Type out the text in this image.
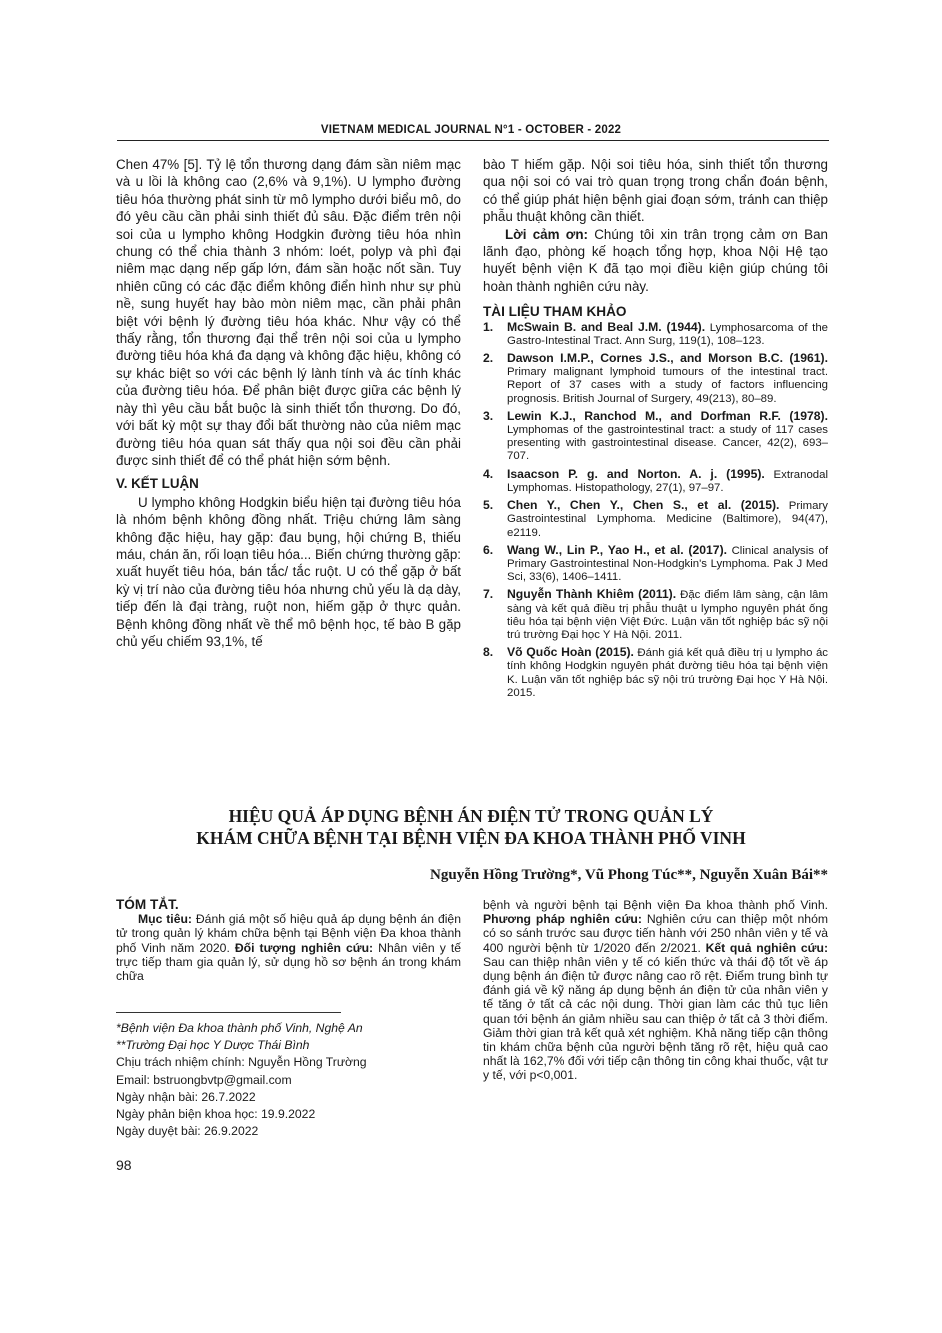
VIETNAM MEDICAL JOURNAL N°1 - OCTOBER - 2022

Chen 47% [5]. Tỷ lệ tổn thương dạng đám sần niêm mạc và u lồi là không cao (2,6% và 9,1%). U lympho đường tiêu hóa thường phát sinh từ mô lympho dưới biểu mô, do đó yêu cầu cần phải sinh thiết đủ sâu. Đặc điểm trên nội soi của u lympho không Hodgkin đường tiêu hóa nhìn chung có thể chia thành 3 nhóm: loét, polyp và phì đại niêm mạc dạng nếp gấp lớn, đám sần hoặc nốt sần. Tuy nhiên cũng có các đặc điểm không điển hình như sự phù nề, sung huyết hay bào mòn niêm mạc, cần phải phân biệt với bệnh lý đường tiêu hóa khác. Như vậy có thể thấy rằng, tổn thương đại thể trên nội soi của u lympho đường tiêu hóa khá đa dạng và không đặc hiệu, không có sự khác biệt so với các bệnh lý lành tính và ác tính khác của đường tiêu hóa. Để phân biệt được giữa các bệnh lý này thì yêu cầu bắt buộc là sinh thiết tổn thương. Do đó, với bất kỳ một sự thay đổi bất thường nào của niêm mạc đường tiêu hóa quan sát thấy qua nội soi đều cần phải được sinh thiết để có thể phát hiện sớm bệnh.

V. KẾT LUẬN

U lympho không Hodgkin biểu hiện tại đường tiêu hóa là nhóm bệnh không đồng nhất. Triệu chứng lâm sàng không đặc hiệu, hay gặp: đau bụng, hội chứng B, thiếu máu, chán ăn, rối loạn tiêu hóa... Biến chứng thường gặp: xuất huyết tiêu hóa, bán tắc/ tắc ruột. U có thể gặp ở bất kỳ vị trí nào của đường tiêu hóa nhưng chủ yếu là dạ dày, tiếp đến là đại tràng, ruột non, hiếm gặp ở thực quản. Bệnh không đồng nhất về thể mô bệnh học, tế bào B gặp chủ yếu chiếm 93,1%, tế

bào T hiếm gặp. Nội soi tiêu hóa, sinh thiết tổn thương qua nội soi có vai trò quan trọng trong chẩn đoán bệnh, có thể giúp phát hiện bệnh giai đoạn sớm, tránh can thiệp phẫu thuật không cần thiết.

Lời cảm ơn: Chúng tôi xin trân trọng cảm ơn Ban lãnh đạo, phòng kế hoạch tổng hợp, khoa Nội Hệ tạo huyết bệnh viện K đã tạo mọi điều kiện giúp chúng tôi hoàn thành nghiên cứu này.

TÀI LIỆU THAM KHẢO
1. McSwain B. and Beal J.M. (1944). Lymphosarcoma of the Gastro-Intestinal Tract. Ann Surg, 119(1), 108–123.
2. Dawson I.M.P., Cornes J.S., and Morson B.C. (1961). Primary malignant lymphoid tumours of the intestinal tract. Report of 37 cases with a study of factors influencing prognosis. British Journal of Surgery, 49(213), 80–89.
3. Lewin K.J., Ranchod M., and Dorfman R.F. (1978). Lymphomas of the gastrointestinal tract: a study of 117 cases presenting with gastrointestinal disease. Cancer, 42(2), 693–707.
4. Isaacson P. g. and Norton. A. j. (1995). Extranodal Lymphomas. Histopathology, 27(1), 97–97.
5. Chen Y., Chen Y., Chen S., et al. (2015). Primary Gastrointestinal Lymphoma. Medicine (Baltimore), 94(47), e2119.
6. Wang W., Lin P., Yao H., et al. (2017). Clinical analysis of Primary Gastrointestinal Non-Hodgkin's Lymphoma. Pak J Med Sci, 33(6), 1406–1411.
7. Nguyễn Thành Khiêm (2011). Đặc điểm lâm sàng, cận lâm sàng và kết quả điều trị phẫu thuật u lympho nguyên phát ống tiêu hóa tại bệnh viện Việt Đức. Luận văn tốt nghiệp bác sỹ nội trú trường Đại học Y Hà Nội. 2011.
8. Võ Quốc Hoàn (2015). Đánh giá kết quả điều trị u lympho ác tính không Hodgkin nguyên phát đường tiêu hóa tại bệnh viện K. Luận văn tốt nghiệp bác sỹ nội trú trường Đại học Y Hà Nội. 2015.
HIỆU QUẢ ÁP DỤNG BỆNH ÁN ĐIỆN TỬ TRONG QUẢN LÝ
KHÁM CHỮA BỆNH TẠI BỆNH VIỆN ĐA KHOA THÀNH PHỐ VINH
Nguyễn Hồng Trường*, Vũ Phong Túc**, Nguyễn Xuân Bái**
TÓM TẮT.

Mục tiêu: Đánh giá một số hiệu quả áp dụng bệnh án điện tử trong quản lý khám chữa bệnh tại Bệnh viện Đa khoa thành phố Vinh năm 2020. Đối tượng nghiên cứu: Nhân viên y tế trực tiếp tham gia quản lý, sử dụng hồ sơ bệnh án trong khám chữa

bệnh và người bệnh tại Bệnh viện Đa khoa thành phố Vinh. Phương pháp nghiên cứu: Nghiên cứu can thiệp một nhóm có so sánh trước sau được tiến hành với 250 nhân viên y tế và 400 người bệnh từ 1/2020 đến 2/2021. Kết quả nghiên cứu: Sau can thiệp nhân viên y tế có kiến thức và thái độ tốt về áp dụng bệnh án điện tử được nâng cao rõ rệt. Điểm trung bình tự đánh giá về kỹ năng áp dụng bệnh án điện tử của nhân viên y tế tăng ở tất cả các nội dung. Thời gian làm các thủ tục liên quan tới bệnh án giảm nhiều sau can thiệp ở tất cả 3 thời điểm. Giảm thời gian trả kết quả xét nghiệm. Khả năng tiếp cận thông tin khám chữa bệnh của người bệnh tăng rõ rệt, hiệu quả cao nhất là 162,7% đối với tiếp cận thông tin công khai thuốc, vật tư y tế, với p<0,001.

*Bệnh viện Đa khoa thành phố Vinh, Nghệ An
**Trường Đại học Y Dược Thái Bình
Chịu trách nhiệm chính: Nguyễn Hồng Trường
Email: bstruongbvtp@gmail.com
Ngày nhận bài: 26.7.2022
Ngày phản biện khoa học: 19.9.2022
Ngày duyệt bài: 26.9.2022
98
